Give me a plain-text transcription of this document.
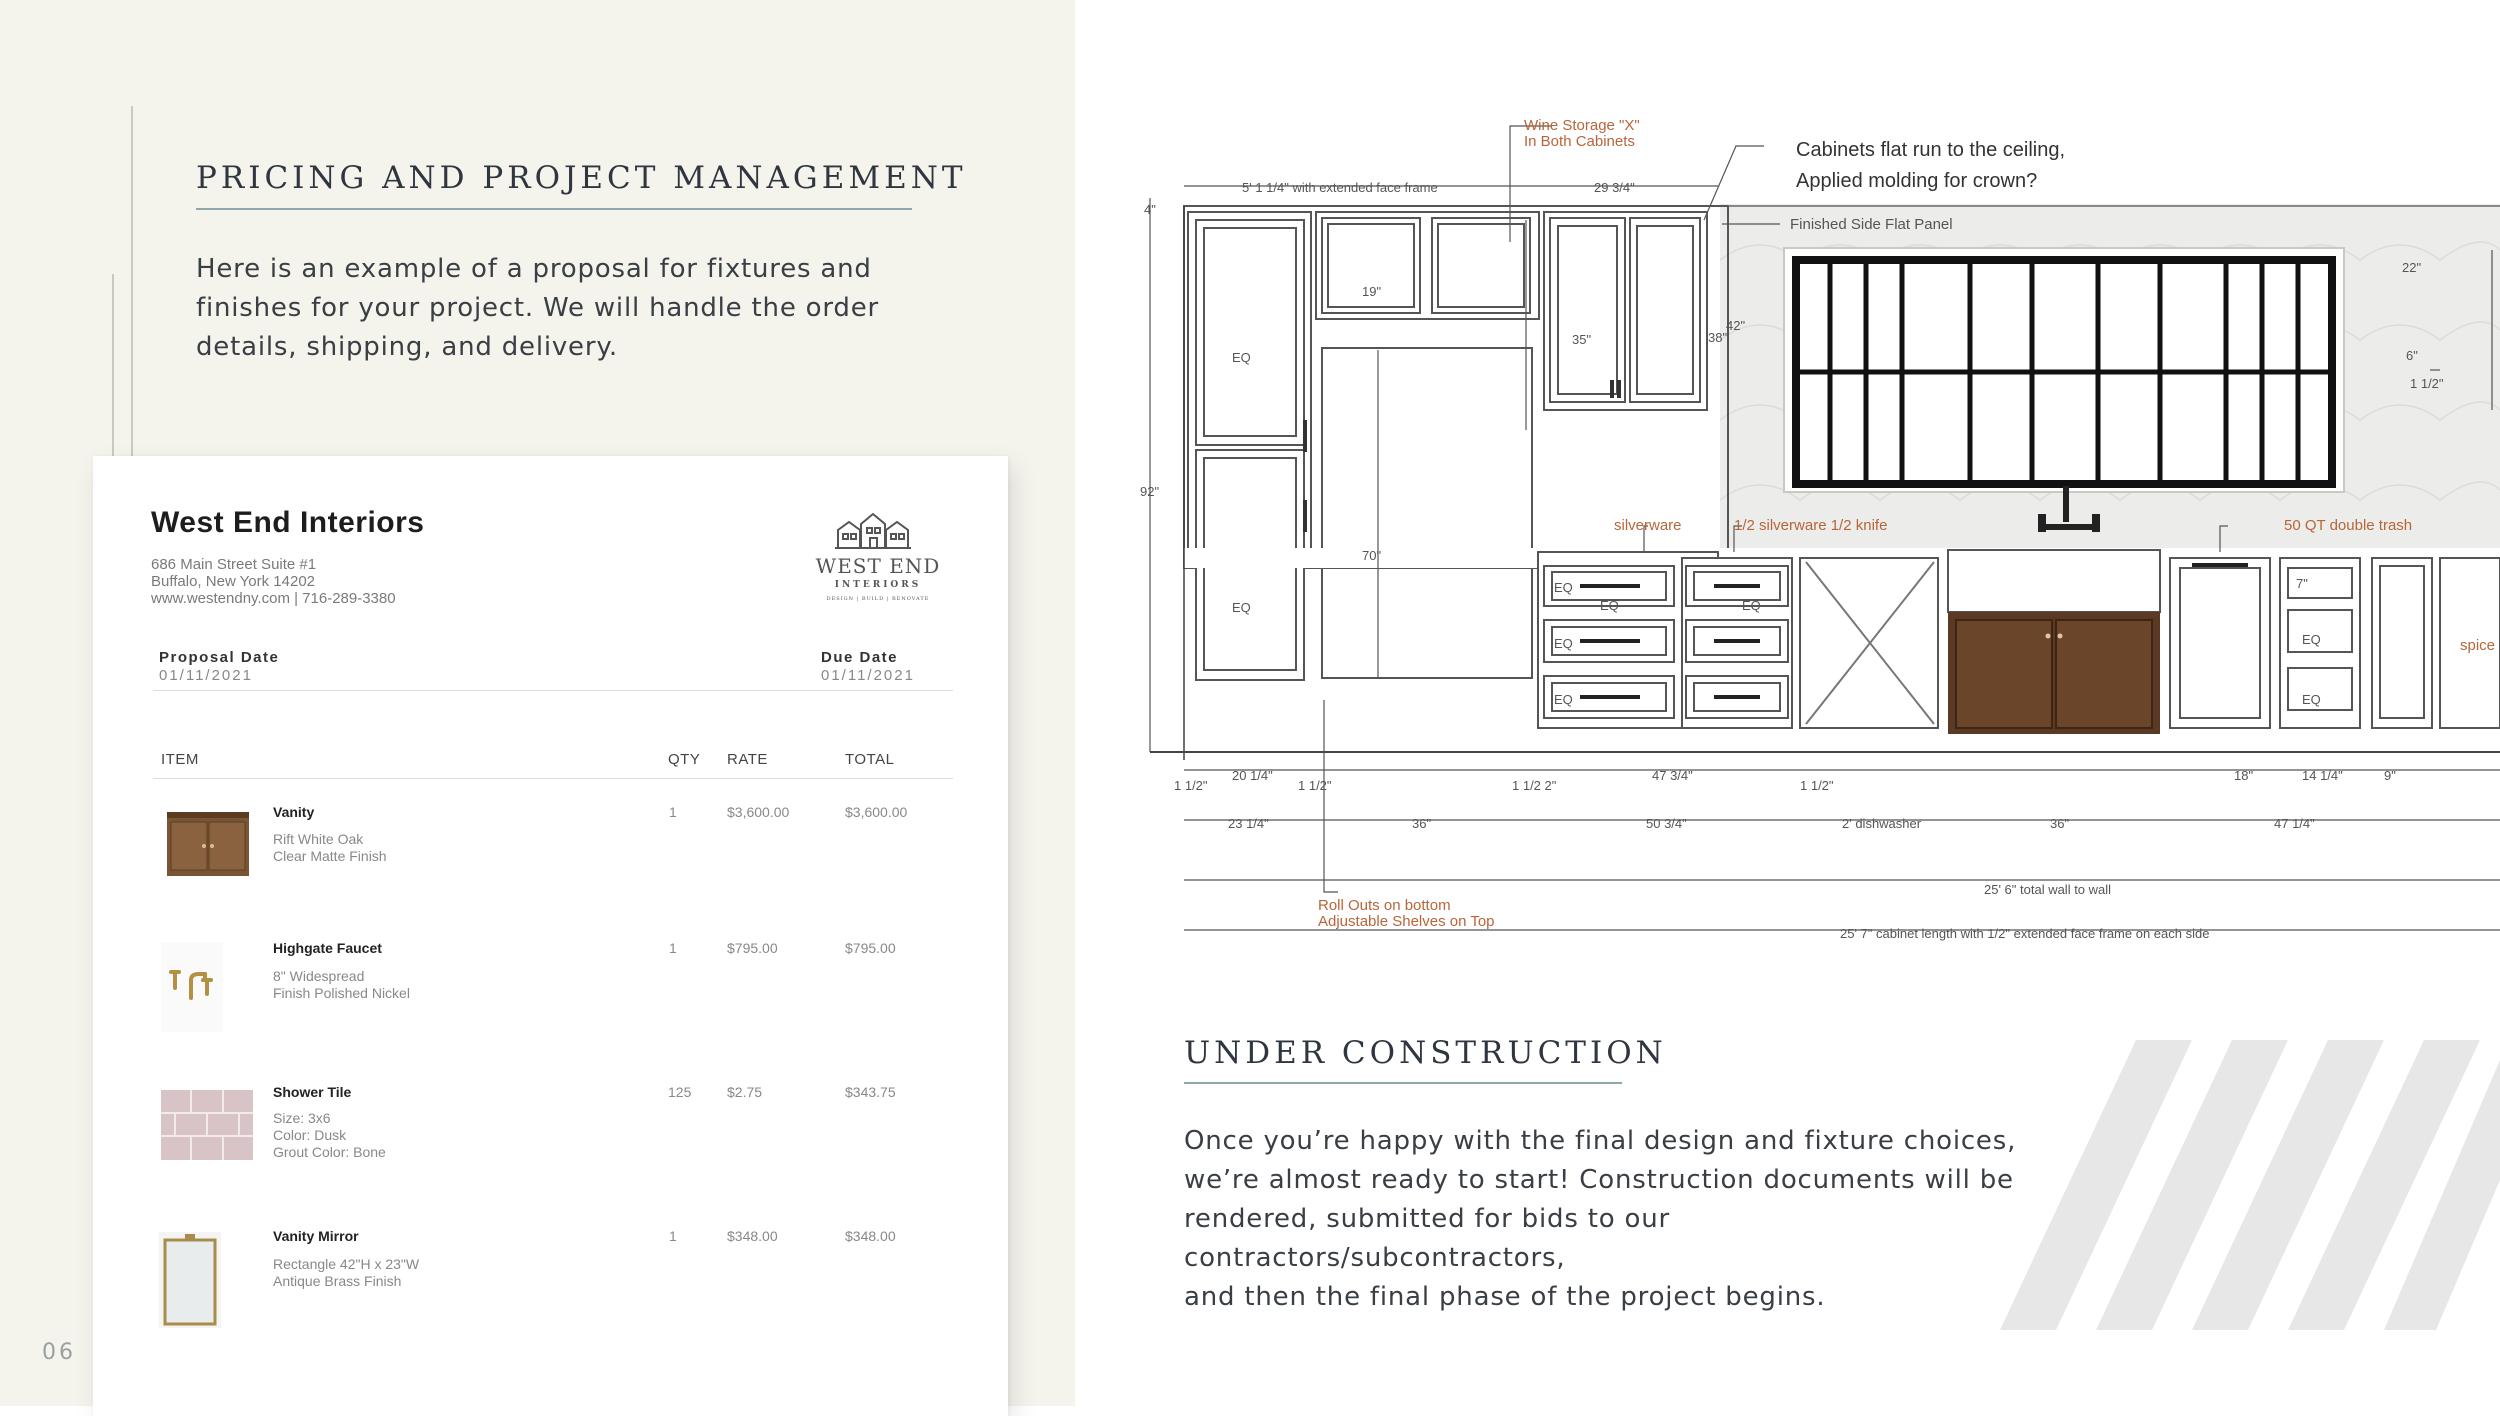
PRICING AND PROJECT MANAGEMENT
Here is an example of a proposal for fixtures and
finishes for your project. We will handle the order
details, shipping, and delivery.
06
West End Interiors
686 Main Street Suite #1
Buffalo, New York 14202
www.westendny.com | 716-289-3380
WEST END
INTERIORS
DESIGN | BUILD | RENOVATE
Proposal Date
01/11/2021
Due Date
01/11/2021
ITEM	QTY RATE	TOTAL
Vanity
Rift White Oak
Clear Matte Finish
1	$3,600.00	$3,600.00
Highgate Faucet
8" Widespread
Finish Polished Nickel
1	$795.00	$795.00
Shower Tile
Size: 3x6
Color: Dusk
Grout Color: Bone
125	$2.75	$343.75
Vanity Mirror
Rectangle 42"H x 23"W
Antique Brass Finish
1	$348.00	$348.00
5' 1 1/4" with extended face frame	29 3/4"
4"
92"
19"
35"
42"
38"
70"
22"
6"
1 1/2"
7"
EQ
EQ
EQ
EQ
EQ
EQ	EQ
EQ
EQ
1 1/2"
20 1/4"
1 1/2"	1 1/2 2"
47 3/4"
1 1/2"
18"	14 1/4"	9"
23 1/4"	36"	50 3/4"	2' dishwasher	36"	47 1/4"
25' 6" total wall to wall
25' 7" cabinet length with 1/2" extended face frame on each side
Wine Storage "X"
In Both Cabinets
silverware	1/2 silverware 1/2 knife	50 QT double trash
spice
Roll Outs on bottom
Adjustable Shelves on Top
Cabinets flat run to the ceiling,
Applied molding for crown?
Finished Side Flat Panel
UNDER CONSTRUCTION
Once you’re happy with the final design and fixture choices,
we’re almost ready to start! Construction documents will be
rendered, submitted for bids to our contractors/subcontractors,
and then the final phase of the project begins.
